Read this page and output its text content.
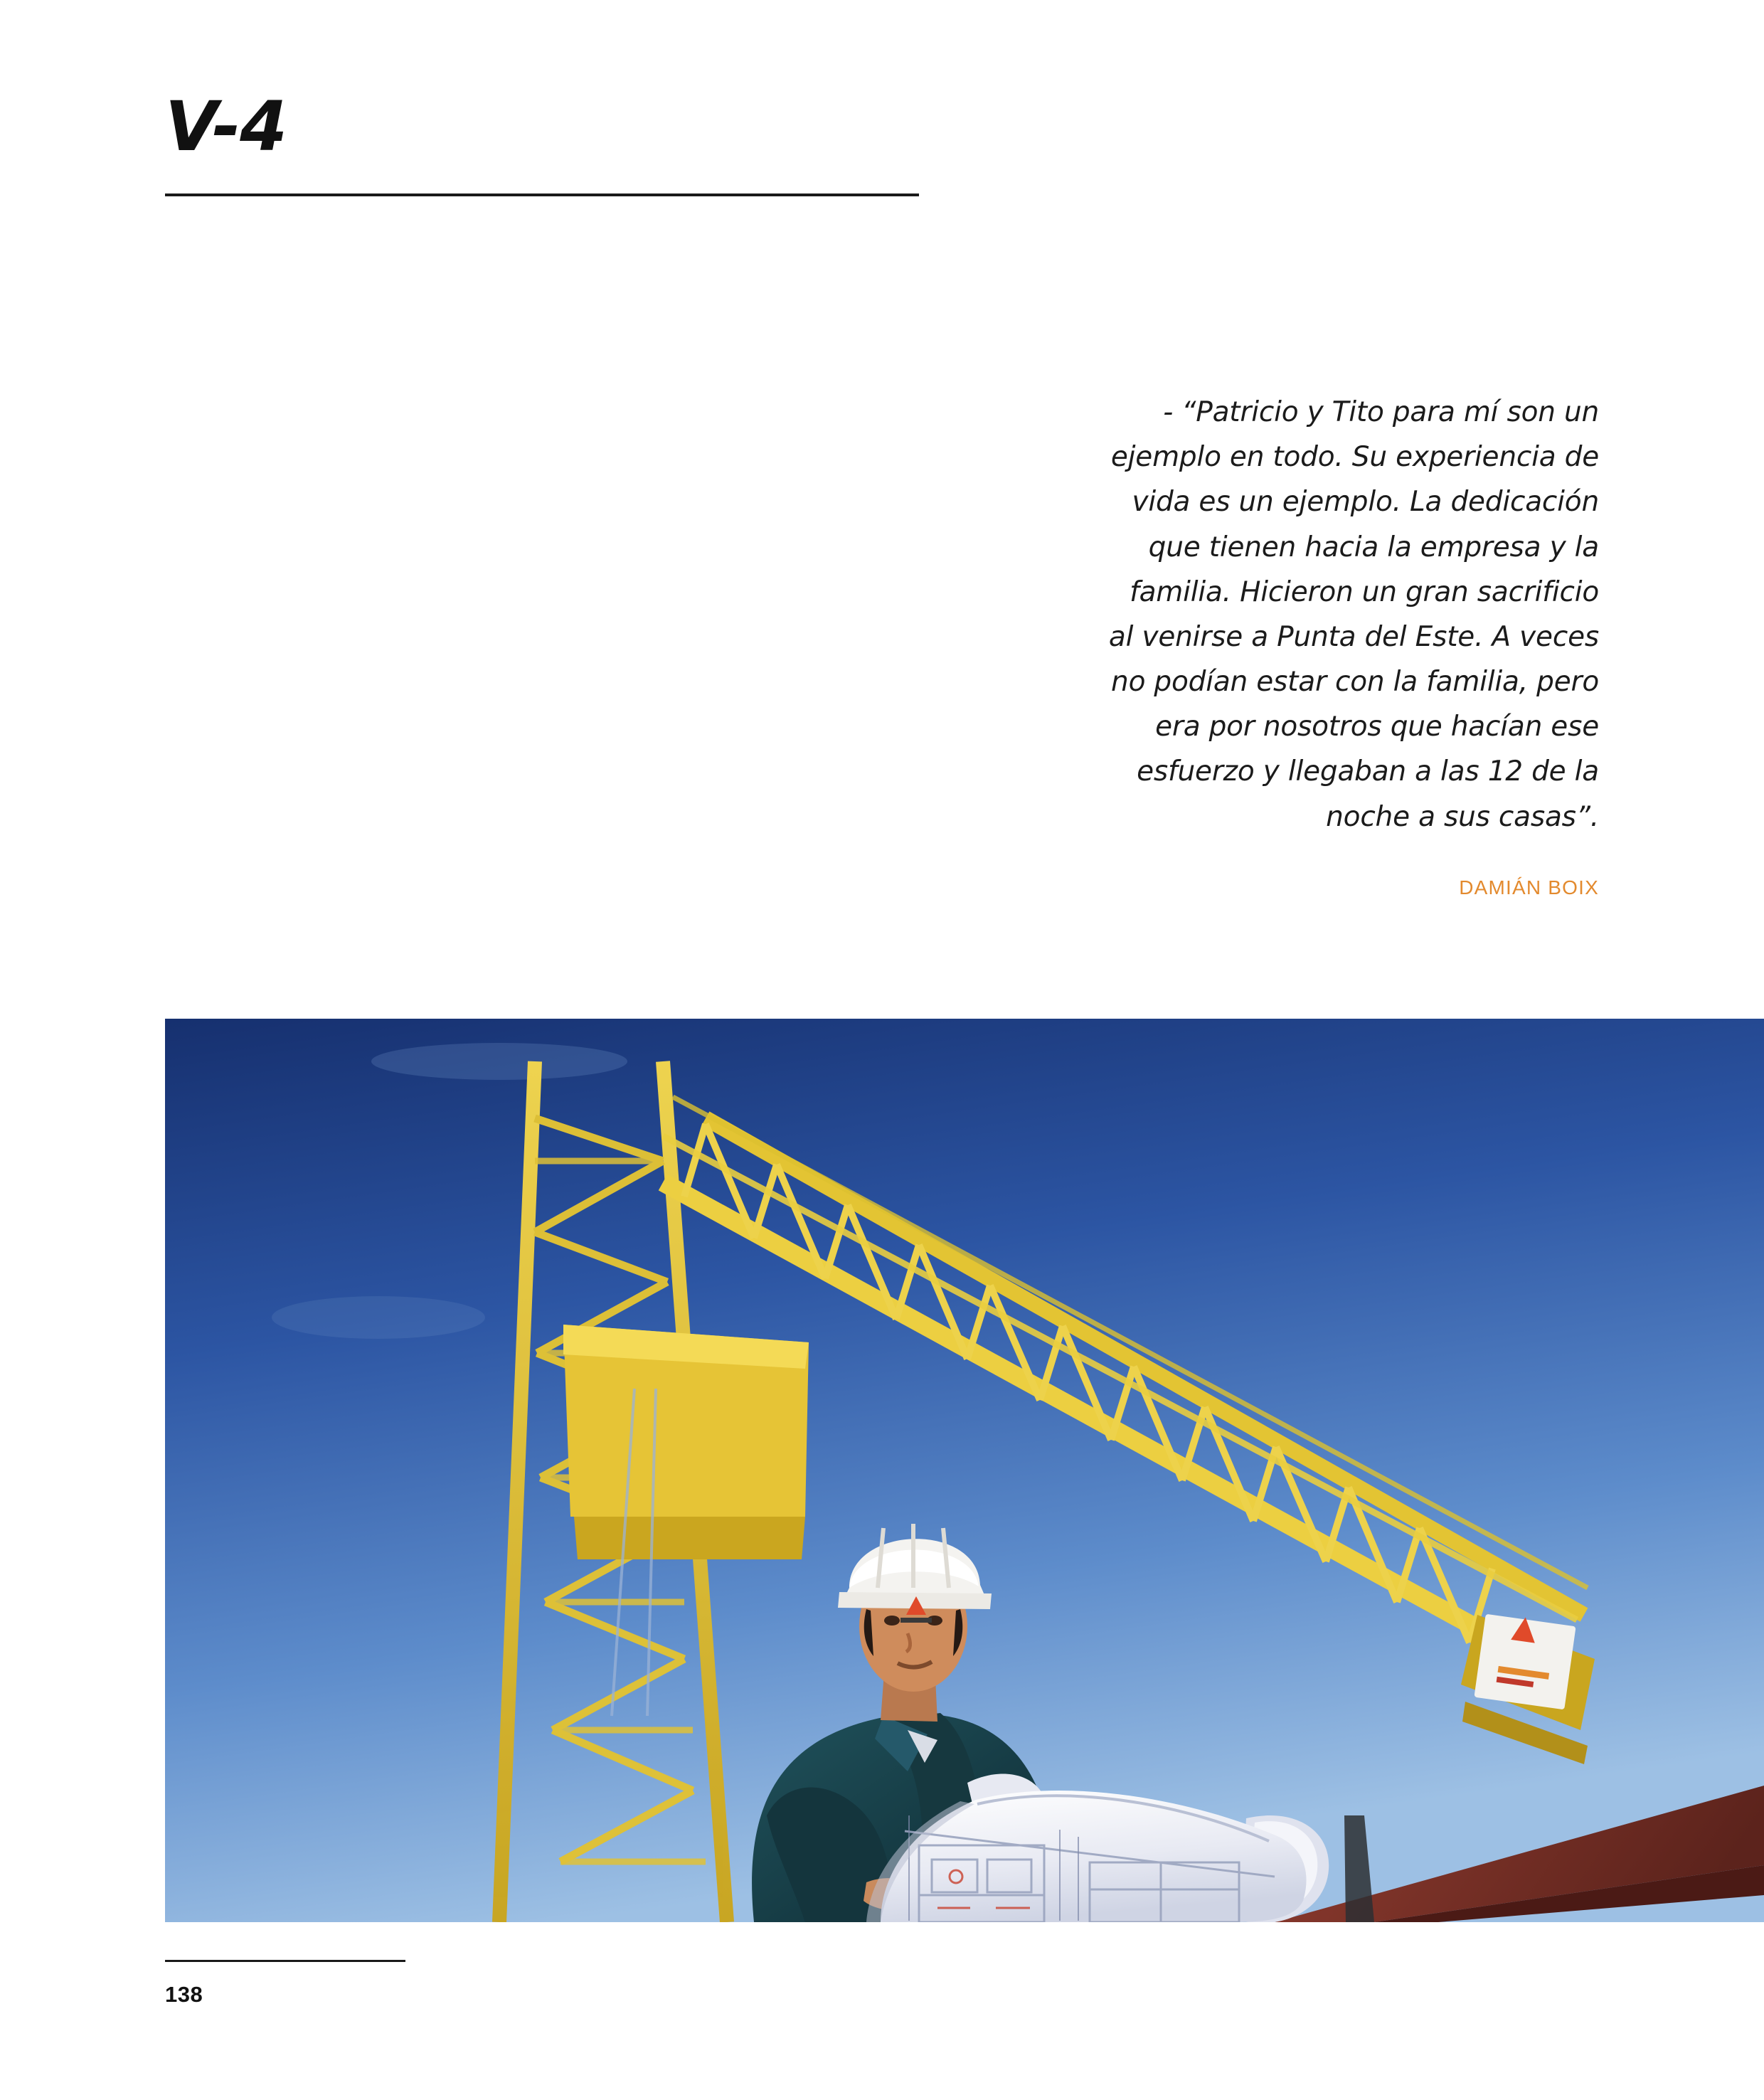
V-4

- “Patricio y Tito para mí son un ejemplo en todo. Su experiencia de vida es un ejemplo. La dedicación que tienen hacia la empresa y la familia. Hicieron un gran sacrificio al venirse a Punta del Este. A veces no podían estar con la familia, pero era por nosotros que hacían ese esfuerzo y llegaban a las 12 de la noche a sus casas”.

DAMIÁN BOIX
138
